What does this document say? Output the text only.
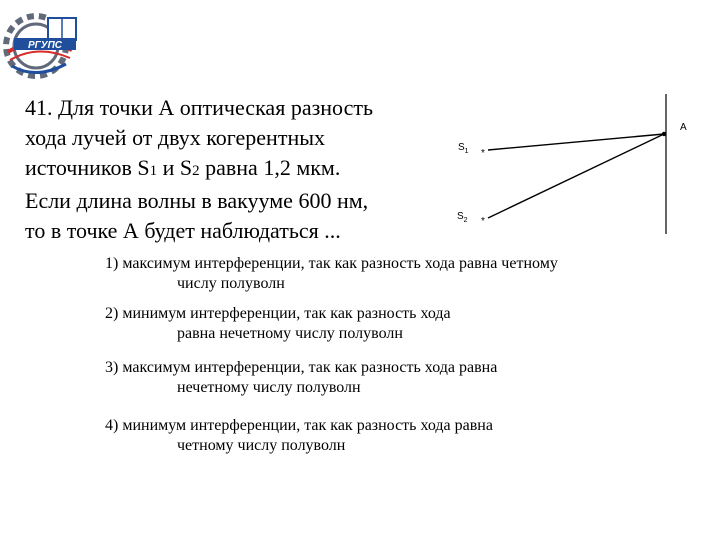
РГУПС
41. Для точки А оптическая разность
хода лучей от двух когерентных
источников S1 и S2 равна 1,2 мкм.
Если длина волны в вакууме 600 нм,
то в точке А будет наблюдаться ...
A
$S_1$ *
$S_2$ *
1) максимум интерференции, так как разность хода равна четному
числу полуволн
2) минимум интерференции, так как разность хода
равна нечетному числу полуволн
3) максимум интерференции, так как разность хода равна
нечетному числу полуволн
4) минимум интерференции, так как разность хода равна
четному числу полуволн
